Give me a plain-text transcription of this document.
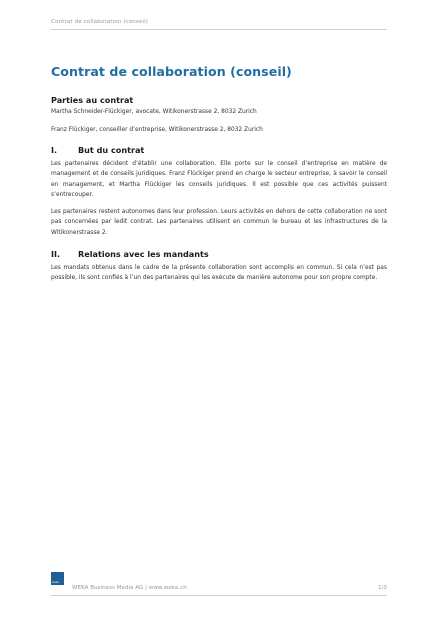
Contrat de collaboration (conseil)
Contrat de collaboration (conseil)
Parties au contrat

Martha Schneider-Flückiger, avocate, Witikonerstrasse 2, 8032 Zurich

Franz Flückiger, conseiller d’entreprise, Witikonerstrasse 2, 8032 Zurich

I.	But du contrat

Les partenaires décident d’établir une collaboration. Elle porte sur le conseil d’entreprise en matière de management et de conseils juridiques. Franz Flückiger prend en charge le secteur entreprise, à savoir le conseil en management, et Martha Flückiger les conseils juridiques. Il est possible que ces activités puissent s’entrecouper.

Les partenaires restent autonomes dans leur profession. Leurs activités en dehors de cette collaboration ne sont pas concernées par ledit contrat. Les partenaires utilisent en commun le bureau et les infrastructures de la Witikonerstrasse 2.

II. Relations avec les mandants

Les mandats obtenus dans le cadre de la présente collaboration sont accomplis en commun. Si cela n’est pas possible, ils sont confiés à l’un des partenaires qui les exécute de manière autonome pour son propre compte.

weka
WEKA Business Media AG | www.weka.ch	1/3
